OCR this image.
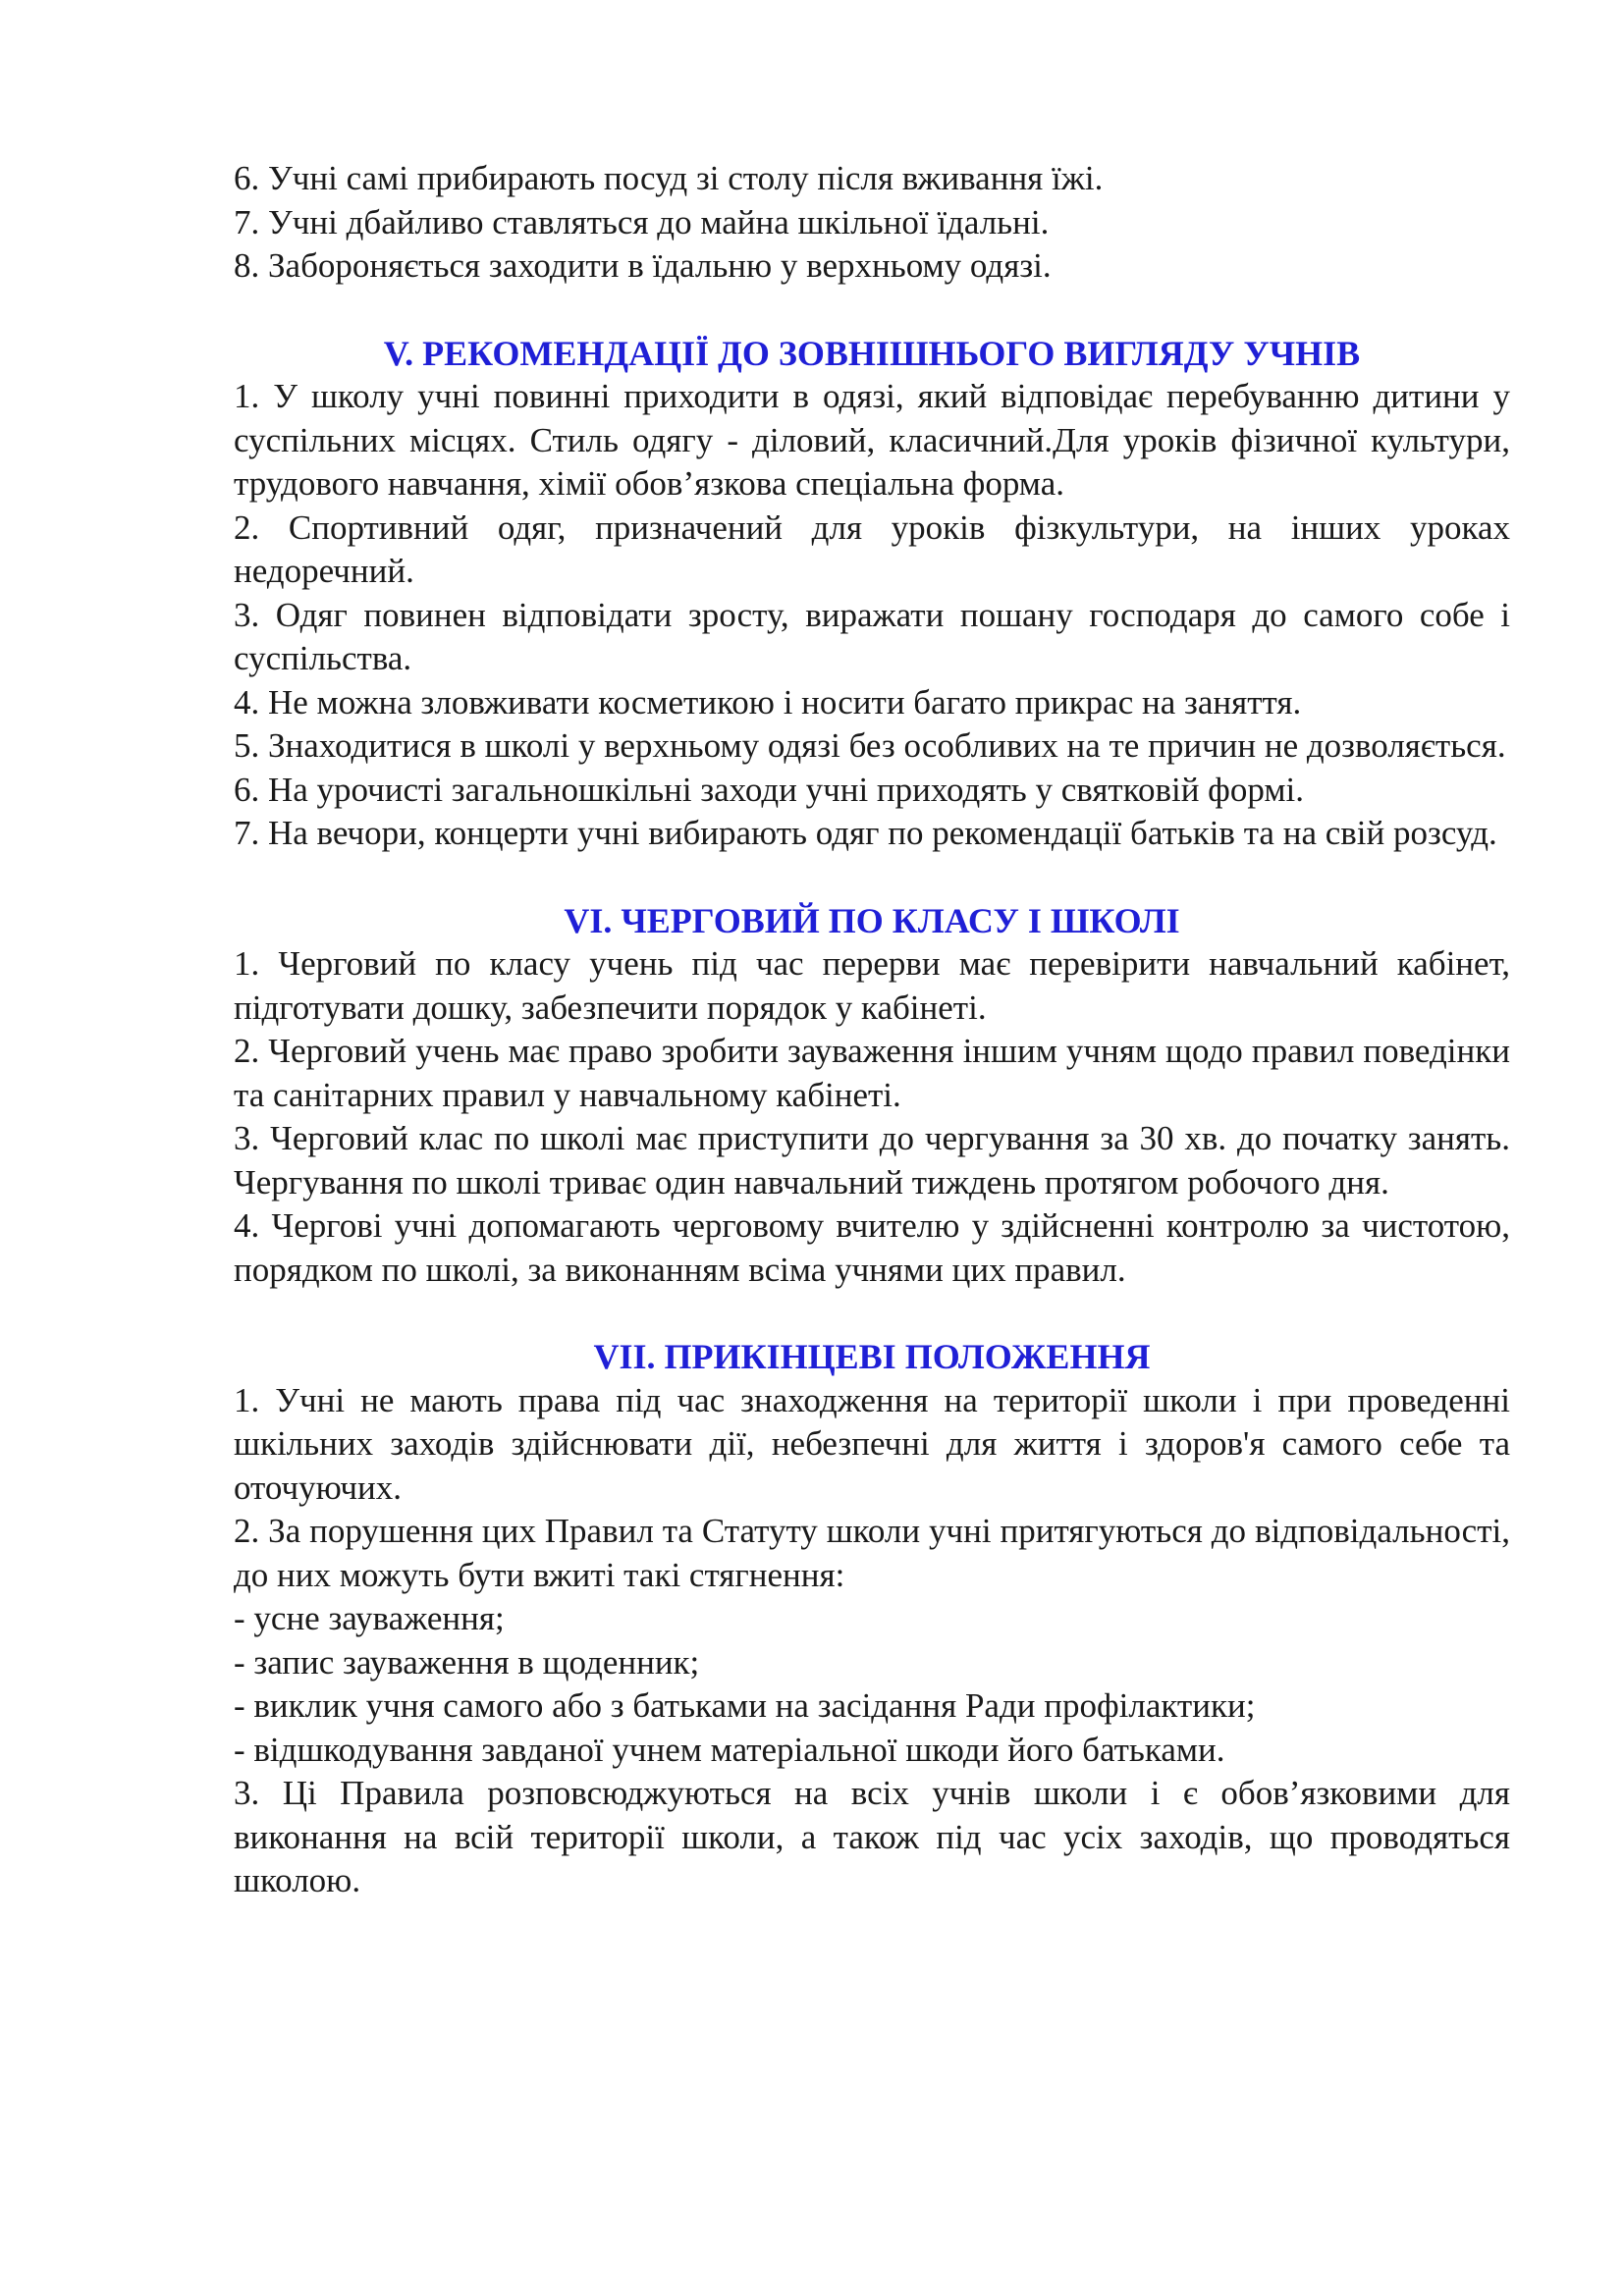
6. Учні самі прибирають посуд зі столу після вживання їжі.

7. Учні дбайливо ставляться до майна шкільної їдальні.

8. Забороняється заходити в їдальню у верхньому одязі.

V. РЕКОМЕНДАЦІЇ ДО ЗОВНІШНЬОГО ВИГЛЯДУ УЧНІВ

1. У школу учні повинні приходити в одязі, який відповідає перебуванню дитини у суспільних місцях. Стиль одягу - діловий, класичний.Для уроків фізичної культури, трудового навчання, хімії обов’язкова спеціальна форма.

2. Спортивний одяг, призначений для уроків фізкультури, на інших уроках недоречний.

3. Одяг повинен відповідати зросту, виражати пошану господаря до самого собе і суспільства.

4. Не можна зловживати косметикою і носити багато прикрас на заняття.

5. Знаходитися в школі у верхньому одязі без особливих на те причин не дозволяється.

6. На урочисті загальношкільні заходи учні приходять у святковій формі.

7. На вечори, концерти учні вибирають одяг по рекомендації батьків та на свій розсуд.

VI. ЧЕРГОВИЙ ПО КЛАСУ І ШКОЛІ

1. Черговий по класу учень під час перерви має перевірити навчальний кабінет, підготувати дошку, забезпечити порядок у кабінеті.

2. Черговий учень має право зробити зауваження іншим учням щодо правил поведінки та санітарних правил у навчальному кабінеті.

3. Черговий клас по школі має приступити до чергування за 30 хв. до початку занять. Чергування по школі триває один навчальний тиждень протягом робочого дня.

4. Чергові учні допомагають черговому вчителю у здійсненні контролю за чистотою, порядком по школі, за виконанням всіма учнями цих правил.

VII. ПРИКІНЦЕВІ ПОЛОЖЕННЯ

1. Учні не мають права під час знаходження на території школи і при проведенні шкільних заходів здійснювати дії, небезпечні для життя і здоров'я самого себе та оточуючих.

2. За порушення цих Правил та Статуту школи учні притягуються до відповідальності, до них можуть бути вжиті такі стягнення:

- усне зауваження;

- запис зауваження в щоденник;

- виклик учня самого або з батьками на засідання Ради профілактики;

- відшкодування завданої учнем матеріальної шкоди його батьками.

3. Ці Правила розповсюджуються на всіх учнів школи і є обов’язковими для виконання на всій території школи, а також під час усіх заходів, що проводяться школою.
